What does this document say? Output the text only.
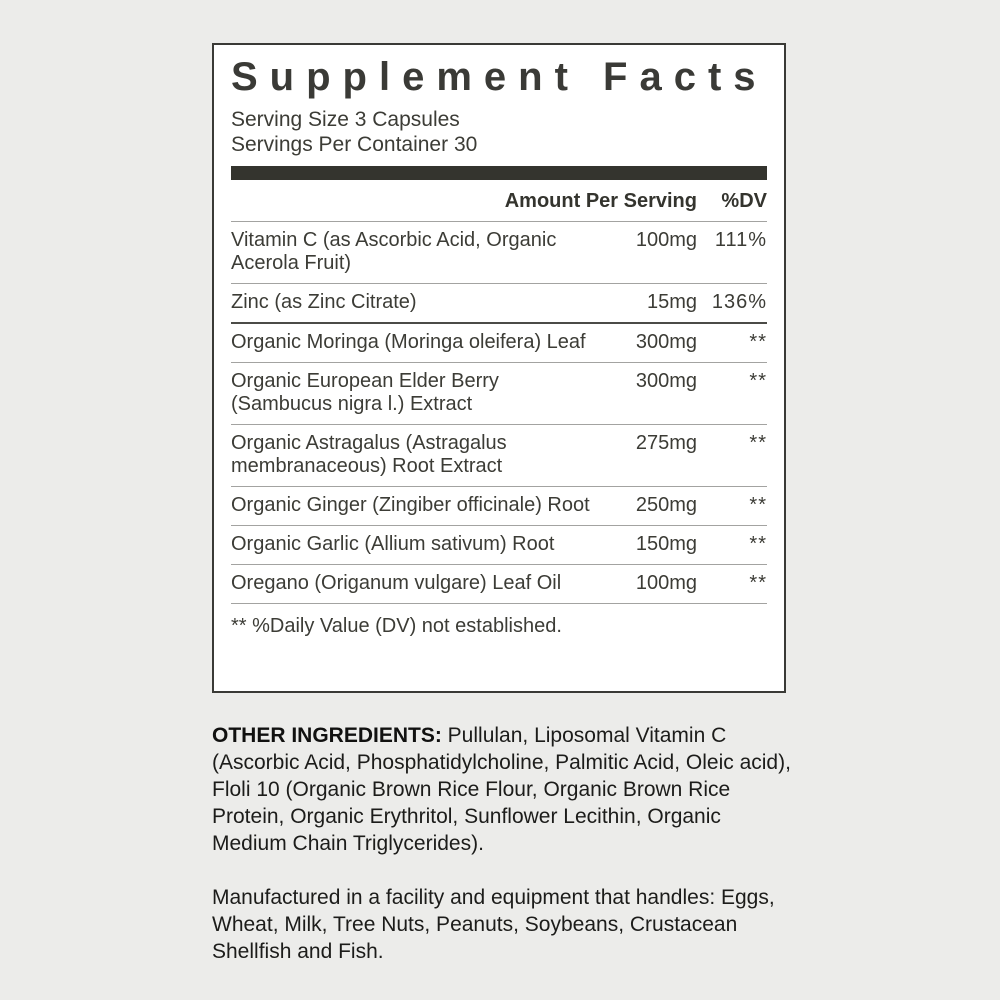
Supplement Facts
Serving Size 3 Capsules
Servings Per Container 30
Amount Per Serving	%DV
Vitamin C (as Ascorbic Acid, Organic Acerola Fruit)
100mg 111%
Zinc (as Zinc Citrate)	15mg 136%
Organic Moringa (Moringa oleifera) Leaf	300mg	**
Organic European Elder Berry (Sambucus nigra l.) Extract
300mg	**
Organic Astragalus (Astragalus membranaceous) Root Extract
275mg	**
Organic Ginger (Zingiber officinale) Root	250mg	**
Organic Garlic (Allium sativum) Root	150mg	**
Oregano (Origanum vulgare) Leaf Oil	100mg	**
** %Daily Value (DV) not established.

OTHER INGREDIENTS: Pullulan, Liposomal Vitamin C (Ascorbic Acid, Phosphatidylcholine, Palmitic Acid, Oleic acid), Floli 10 (Organic Brown Rice Flour, Organic Brown Rice Protein, Organic Erythritol, Sunflower Lecithin, Organic Medium Chain Triglycerides).

Manufactured in a facility and equipment that handles: Eggs, Wheat, Milk, Tree Nuts, Peanuts, Soybeans, Crustacean Shellfish and Fish.
